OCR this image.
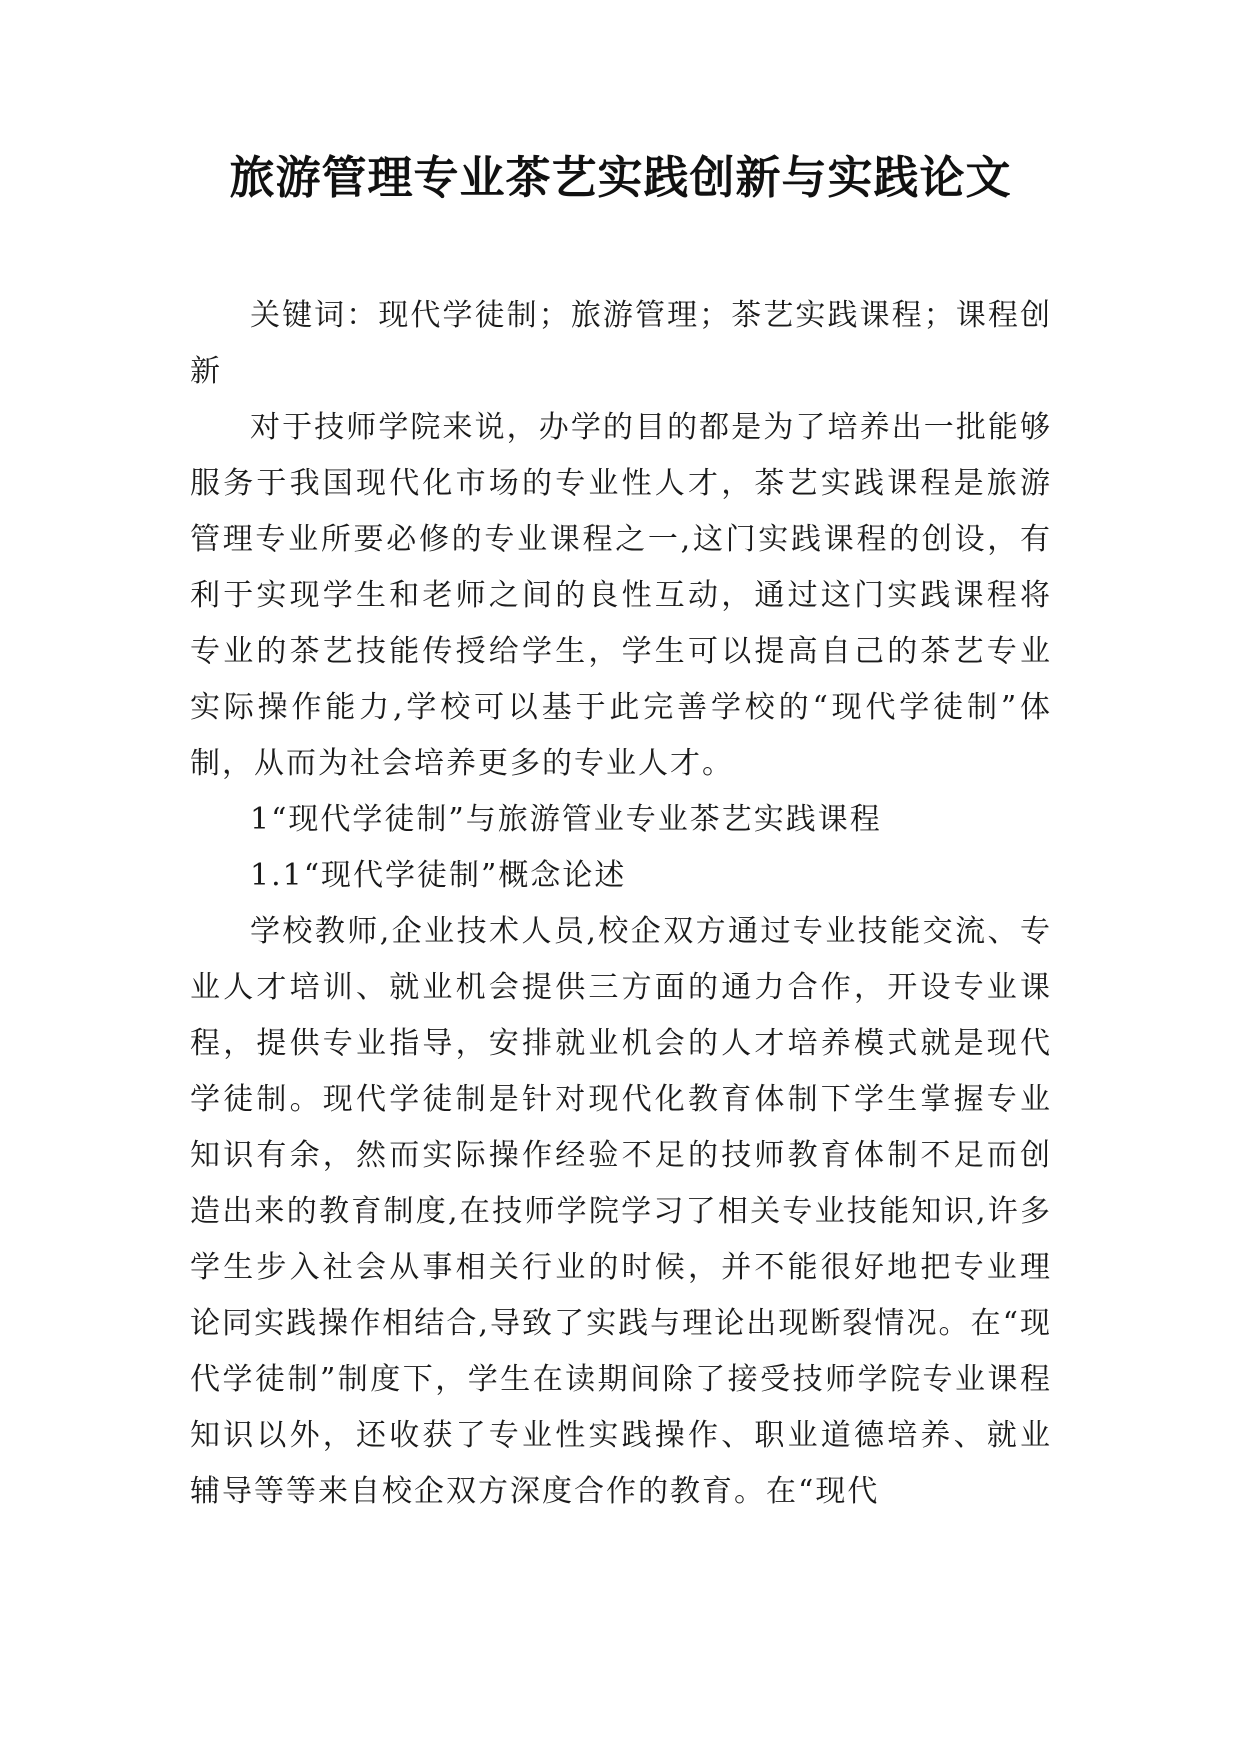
旅游管理专业茶艺实践创新与实践论文

关键词：现代学徒制；旅游管理；茶艺实践课程；课程创新

对于技师学院来说，办学的目的都是为了培养出一批能够服务于我国现代化市场的专业性人才，茶艺实践课程是旅游管理专业所要必修的专业课程之一,这门实践课程的创设，有利于实现学生和老师之间的良性互动，通过这门实践课程将专业的茶艺技能传授给学生，学生可以提高自己的茶艺专业实际操作能力,学校可以基于此完善学校的“现代学徒制”体制，从而为社会培养更多的专业人才。

1“现代学徒制”与旅游管业专业茶艺实践课程

1.1“现代学徒制”概念论述

学校教师,企业技术人员,校企双方通过专业技能交流、专业人才培训、就业机会提供三方面的通力合作，开设专业课程，提供专业指导，安排就业机会的人才培养模式就是现代学徒制。现代学徒制是针对现代化教育体制下学生掌握专业知识有余，然而实际操作经验不足的技师教育体制不足而创造出来的教育制度,在技师学院学习了相关专业技能知识,许多学生步入社会从事相关行业的时候，并不能很好地把专业理论同实践操作相结合,导致了实践与理论出现断裂情况。在“现代学徒制”制度下，学生在读期间除了接受技师学院专业课程知识以外，还收获了专业性实践操作、职业道德培养、就业辅导等等来自校企双方深度合作的教育。在“现代
